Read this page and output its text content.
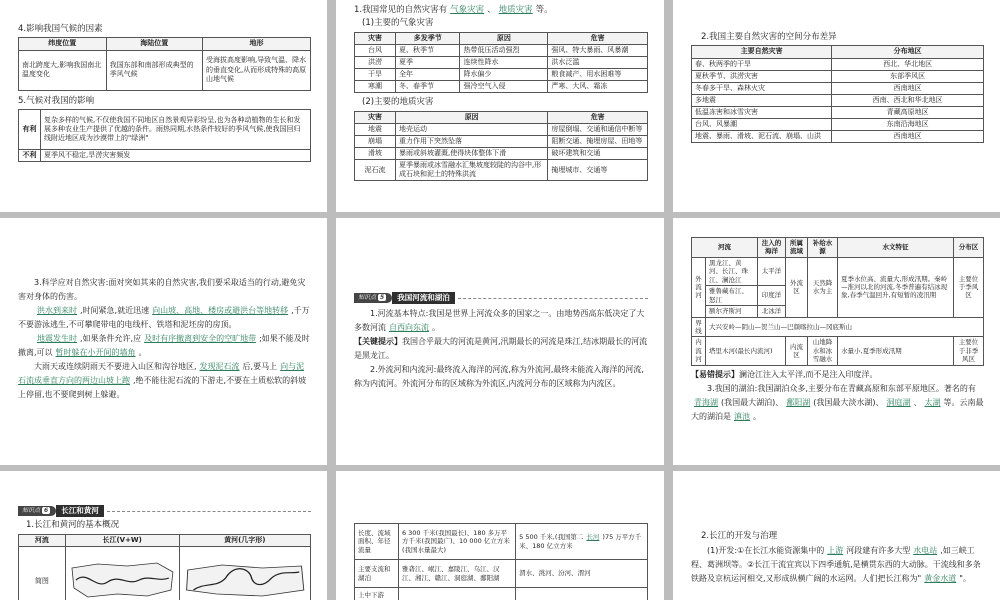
4.影响我国气候的因素

纬度位置	海陆位置	地形
南北跨度大,影响我国南北温度变化	我国东部和南部形成典型的季风气候	受海拔高度影响,导致气温、降水的垂直变化,从而形成特殊的高原山地气候

5.气候对我国的影响

有利	复杂多样的气候,不仅使我国不同地区自然景观异彩纷呈,也为各种动植物的生长和发展多种农业生产提供了优越的条件。雨热同期,水热条件较好的季风气候,使我国回归线附近地区成为沙漠带上的"绿洲"
不利	夏季风不稳定,旱涝灾害频发

1.我国常见的自然灾害有 气象灾害 、 地质灾害 等。

(1)主要的气象灾害

灾害	多发季节	原因	危害
台风	夏、秋季节	热带低压活动强烈	强风、特大暴雨、风暴潮
洪涝	夏季	连续性降水	洪水泛滥
干旱	全年	降水偏少	粮食减产、用水困难等
寒潮	冬、春季节	强冷空气入侵	严寒、大风、霜冻

(2)主要的地质灾害

灾害	原因	危害
地震	地壳运动	房屋倒塌、交通和通信中断等
崩塌	重力作用下突然坠落	阻断交通、掩埋房屋、田地等
滑坡	暴雨或斜坡灌溉,使得块体整体下滑	破坏建筑和交通
泥石流	夏季暴雨或冰雪融水汇集坡度较陡的沟谷中,形成石块和泥土的特殊洪流	掩埋城市、交通等

2.我国主要自然灾害的空间分布差异

主要自然灾害	分布地区
春、秋两季的干旱	西北、华北地区
夏秋季节、洪涝灾害	东部季风区
冬春多干旱、森林火灾	西南地区
多地震	西南、西北和华北地区
低温冻害和冰雪灾害	青藏高原地区
台风、风暴潮	东南沿海地区
地震、暴雨、滑坡、泥石流、崩塌、山洪	西南地区

3.科学应对自然灾害:面对突如其来的自然灾害,我们要采取适当的行动,避免灾害对身体的伤害。

洪水到来时 ,时间紧急,就近迅速 向山坡、高地、楼房或避洪台等地转移 ,千万不要游泳逃生,不可攀爬带电的电线杆、铁塔和泥坯房的房顶。

地震发生时 ,如果条件允许,应 及时有序撤离到安全的空旷地带 ;如果不能及时撤离,可以 暂时躲在小开间的墙角 。

大雨天或连续阴雨天不要进入山区和沟谷地区, 发现泥石流 后,要马上 向与泥石流成垂直方向的两边山坡上跑 ,绝不能往泥石流的下游走,不要在土质松软的斜坡上停留,也不要爬到树上躲避。

知识点 5	我国河流和湖泊

1.河流基本特点:我国是世界上河流众多的国家之一。由地势西高东低决定了大多数河流 自西向东流 。

【关键提示】我国合乎最大的河流是黄河,汛期最长的河流是珠江,结冰期最长的河流是黑龙江。

2.外流河和内流河:最终流入海洋的河流,称为外流河,最终未能流入海洋的河流,称为内流河。外流河分布的区域称为外流区,内流河分布的区域称为内流区。

河流		注入的海洋	所属流域	补给水源	水文特征	分布区
外流河	黑龙江、黄河、长江、珠江、澜沧江	太平洋	外流区	天然降水为主	夏季水位高、流量大,形成汛期。秦岭—淮河以北的河流,冬季普遍有结冰现象,春季气温回升,有短暂的凌汛期	主要位于季风区
	雅鲁藏布江、怒江	印度洋				
	额尔齐斯河	北冰洋				
界线	大兴安岭—阴山—贺兰山—巴颜喀拉山—冈底斯山					
内流河	塔里木河(最长内流河)		内流区	山地降水和冰雪融水	水量小,夏季形成汛期	主要位于非季风区

【易错提示】澜沧江注入太平洋,而不是注入印度洋。

3.我国的湖泊:我国湖泊众多,主要分布在青藏高原和东部平原地区。著名的有青海湖 (我国最大湖泊)、 鄱阳湖 (我国最大淡水湖)、 洞庭湖 、 太湖 等。云南最大的湖泊是 滇池 。

知识点 6	长江和黄河

1.长江和黄河的基本概况

河流	长江(V+W)	黄河(几字形)
简图		
长度、流域面积、年径流量	6 300 千米(我国最长)、180 多万平方千米(我国最广)、10 000 亿立方米(我国水量最大)	5 500 千米,(我国第二 长河 )75 万平方千米、180 亿立方米
主要支流和湖泊	雅砻江、岷江、嘉陵江、乌江、汉江、湘江、赣江、洞庭湖、鄱阳湖	渭水、洮河、汾河、渭河
上中下游		

2.长江的开发与治理

(1)开发:①在长江水能资源集中的 上游 河段建有许多大型 水电站 ,如三峡工程、葛洲坝等。②长江干流宜宾以下四季通航,是横贯东西的大动脉。干流线和多条铁路及京杭运河相交,又形成纵横广阔的水运网。人们把长江称为" 黄金水道 "。
